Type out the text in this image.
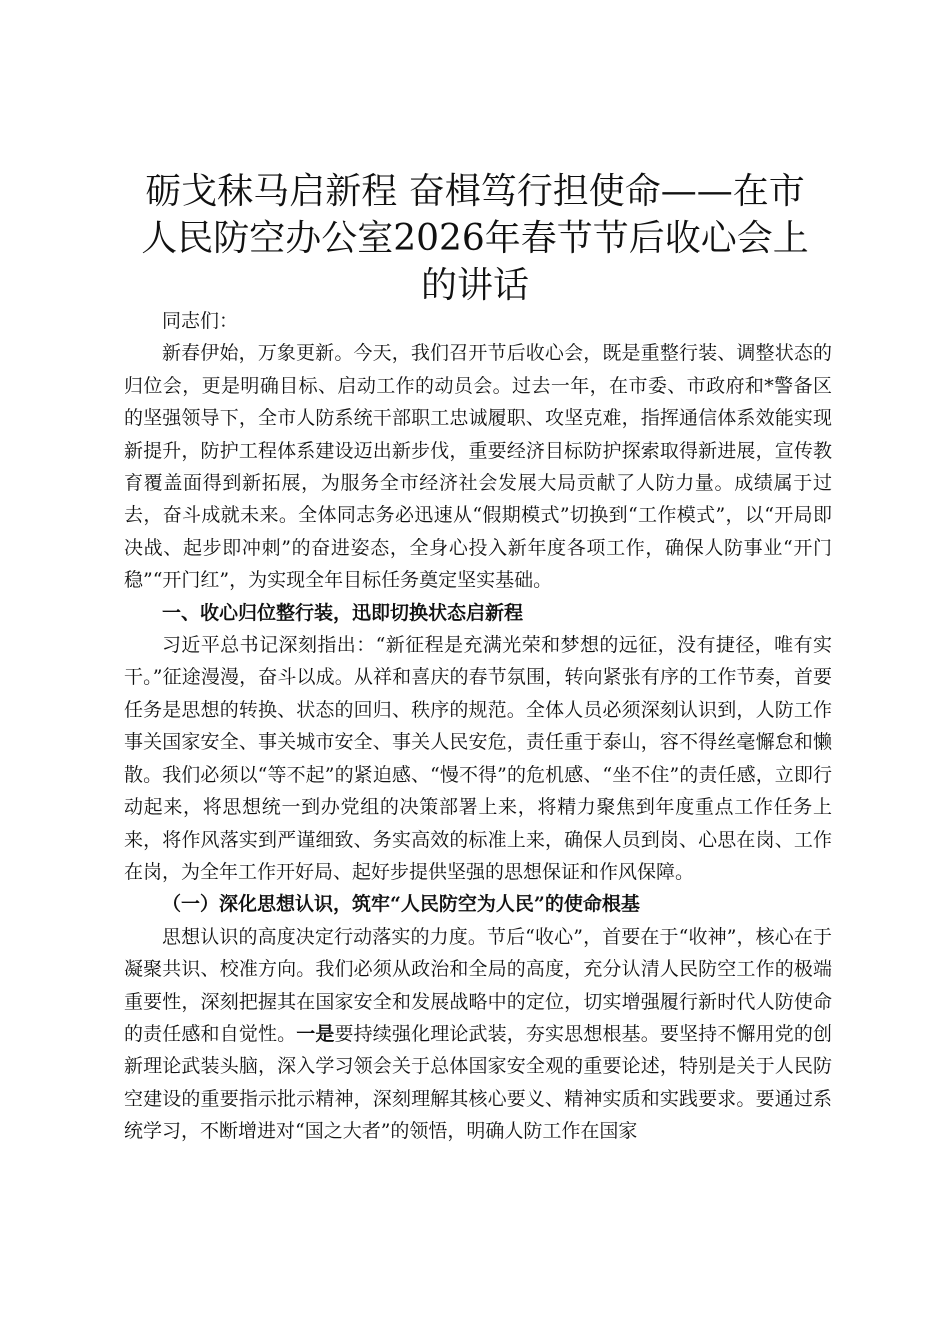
砺戈秣马启新程 奋楫笃行担使命——在市人民防空办公室2026年春节节后收心会上的讲话

同志们：

新春伊始，万象更新。今天，我们召开节后收心会，既是重整行装、调整状态的归位会，更是明确目标、启动工作的动员会。过去一年，在市委、市政府和*警备区的坚强领导下，全市人防系统干部职工忠诚履职、攻坚克难，指挥通信体系效能实现新提升，防护工程体系建设迈出新步伐，重要经济目标防护探索取得新进展，宣传教育覆盖面得到新拓展，为服务全市经济社会发展大局贡献了人防力量。成绩属于过去，奋斗成就未来。全体同志务必迅速从“假期模式”切换到“工作模式”，以“开局即决战、起步即冲刺”的奋进姿态，全身心投入新年度各项工作，确保人防事业“开门稳”“开门红”，为实现全年目标任务奠定坚实基础。

一、收心归位整行装，迅即切换状态启新程

习近平总书记深刻指出：“新征程是充满光荣和梦想的远征，没有捷径，唯有实干。”征途漫漫，奋斗以成。从祥和喜庆的春节氛围，转向紧张有序的工作节奏，首要任务是思想的转换、状态的回归、秩序的规范。全体人员必须深刻认识到，人防工作事关国家安全、事关城市安全、事关人民安危，责任重于泰山，容不得丝毫懈怠和懒散。我们必须以“等不起”的紧迫感、“慢不得”的危机感、“坐不住”的责任感，立即行动起来，将思想统一到办党组的决策部署上来，将精力聚焦到年度重点工作任务上来，将作风落实到严谨细致、务实高效的标准上来，确保人员到岗、心思在岗、工作在岗，为全年工作开好局、起好步提供坚强的思想保证和作风保障。

（一）深化思想认识，筑牢“人民防空为人民”的使命根基

思想认识的高度决定行动落实的力度。节后“收心”，首要在于“收神”，核心在于凝聚共识、校准方向。我们必须从政治和全局的高度，充分认清人民防空工作的极端重要性，深刻把握其在国家安全和发展战略中的定位，切实增强履行新时代人防使命的责任感和自觉性。一是要持续强化理论武装，夯实思想根基。要坚持不懈用党的创新理论武装头脑，深入学习领会关于总体国家安全观的重要论述，特别是关于人民防空建设的重要指示批示精神，深刻理解其核心要义、精神实质和实践要求。要通过系统学习，不断增进对“国之大者”的领悟，明确人防工作在国家
